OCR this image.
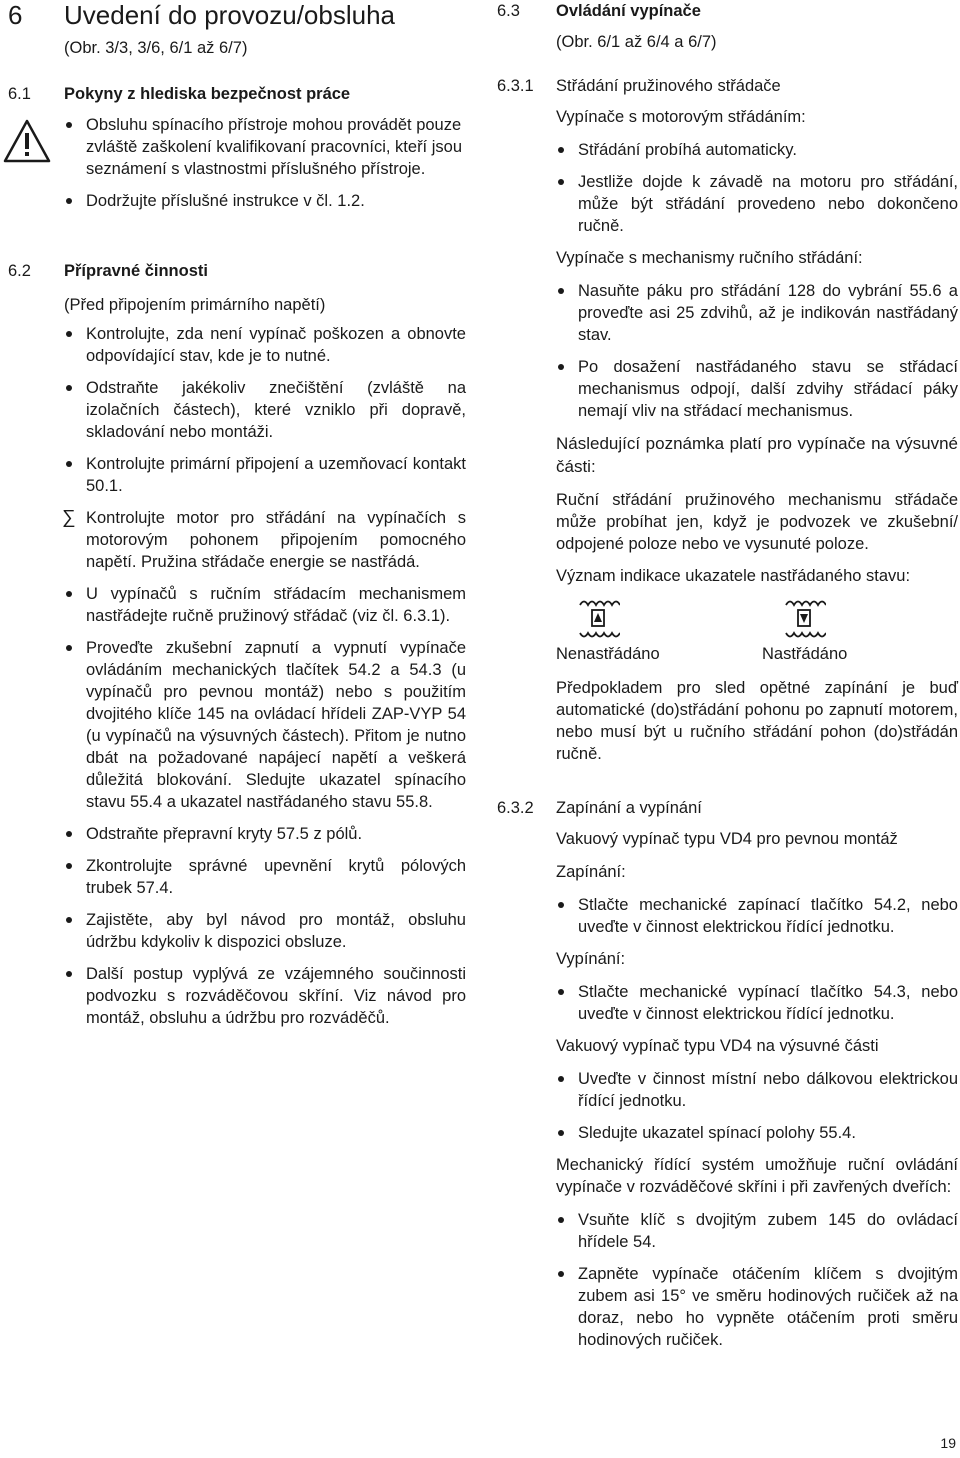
6 Uvedení do provozu/obsluha
(Obr. 3/3, 3/6, 6/1 až 6/7)
6.1 Pokyny z hlediska bezpečnost práce
Obsluhu spínacího přístroje mohou provádět pouze zvláště zaškolení kvalifikovaní pracovníci, kteří jsou seznámení s vlastnostmi příslušného přístroje.
Dodržujte příslušné instrukce v čl. 1.2.
6.2 Přípravné činnosti
(Před připojením primárního napětí)
Kontrolujte, zda není vypínač poškozen a obnovte odpovídající stav, kde je to nutné.
Odstraňte jakékoliv znečištění (zvláště na izolačních částech), které vzniklo při dopravě, skladování nebo montáži.
Kontrolujte primární připojení a uzemňovací kontakt 50.1.
∑ Kontrolujte motor pro střádání na vypínačích s motorovým pohonem připojením pomocného napětí. Pružina střádače energie se nastřádá.
U vypínačů s ručním střádacím mechanismem nastřádejte ručně pružinový střádač (viz čl. 6.3.1).
Proveďte zkušební zapnutí a vypnutí vypínače ovládáním mechanických tlačítek 54.2 a 54.3 (u vypínačů pro pevnou montáž) nebo s použitím dvojitého klíče 145 na ovládací hřídeli ZAP-VYP 54 (u vypínačů na výsuvných částech). Přitom je nutno dbát na požadované napájecí napětí a veškerá důležitá blokování. Sledujte ukazatel spínacího stavu 55.4 a ukazatel nastřádaného stavu 55.8.
Odstraňte přepravní kryty 57.5 z pólů.
Zkontrolujte správné upevnění krytů pólových trubek 57.4.
Zajistěte, aby byl návod pro montáž, obsluhu údržbu kdykoliv k dispozici obsluze.
Další postup vyplývá ze vzájemného součinnosti podvozku s rozváděčovou skříní. Viz návod pro montáž, obsluhu a údržbu pro rozváděčů.
6.3 Ovládání vypínače
(Obr. 6/1 až 6/4 a 6/7)
6.3.1 Střádání pružinového střádače

Vypínače s motorovým střádáním:

Střádání probíhá automaticky.
Jestliže dojde k závadě na motoru pro střádání, může být střádání provedeno nebo dokončeno ručně.

Vypínače s mechanismy ručního střádání:

Nasuňte páku pro střádání 128 do vybrání 55.6 a proveďte asi 25 zdvihů, až je indikován nastřádaný stav.
Po dosažení nastřádaného stavu se střádací mechanismus odpojí, další zdvihy střádací páky nemají vliv na střádací mechanismus.

Následující poznámka platí pro vypínače na výsuvné části:

Ruční střádání pružinového mechanismu střádače může probíhat jen, když je podvozek ve zkušební/ odpojené poloze nebo ve vysunuté poloze.

Význam indikace ukazatele nastřádaného stavu:

Nenastřádáno	Nastřádáno

Předpokladem pro sled opětné zapínání je buď automatické (do)střádání pohonu po zapnutí motorem, nebo musí být u ručního střádání pohon (do)střádán ručně.

6.3.2 Zapínání a vypínání

Vakuový vypínač typu VD4 pro pevnou montáž

Zapínání:

Stlačte mechanické zapínací tlačítko 54.2, nebo uveďte v činnost elektrickou řídící jednotku.

Vypínání:

Stlačte mechanické vypínací tlačítko 54.3, nebo uveďte v činnost elektrickou řídící jednotku.

Vakuový vypínač typu VD4 na výsuvné části

Uveďte v činnost místní nebo dálkovou elektrickou řídící jednotku.
Sledujte ukazatel spínací polohy 55.4.

Mechanický řídící systém umožňuje ruční ovládání vypínače v rozváděčové skříni i při zavřených dveřích:

Vsuňte klíč s dvojitým zubem 145 do ovládací hřídele 54.
Zapněte vypínače otáčením klíčem s dvojitým zubem asi 15° ve směru hodinových ručiček až na doraz, nebo ho vypněte otáčením proti směru hodinových ručiček.
19
